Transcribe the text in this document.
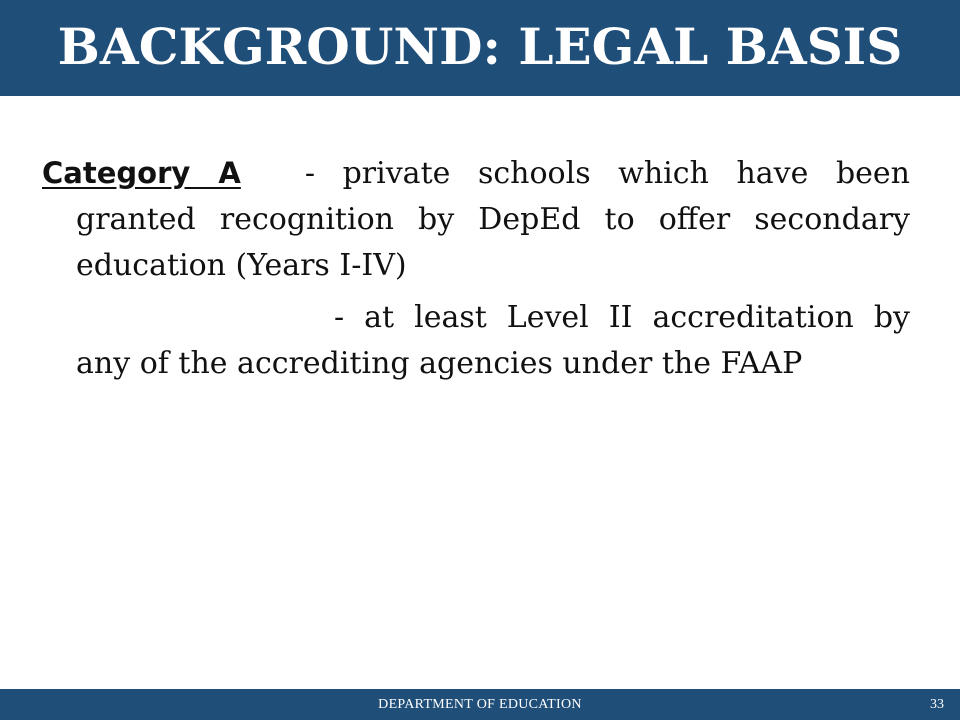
BACKGROUND: LEGAL BASIS

Category A - private schools which have been granted recognition by DepEd to offer secondary education (Years I-IV)

- at least Level II accreditation by any of the accrediting agencies under the FAAP

DEPARTMENT OF EDUCATION	33
